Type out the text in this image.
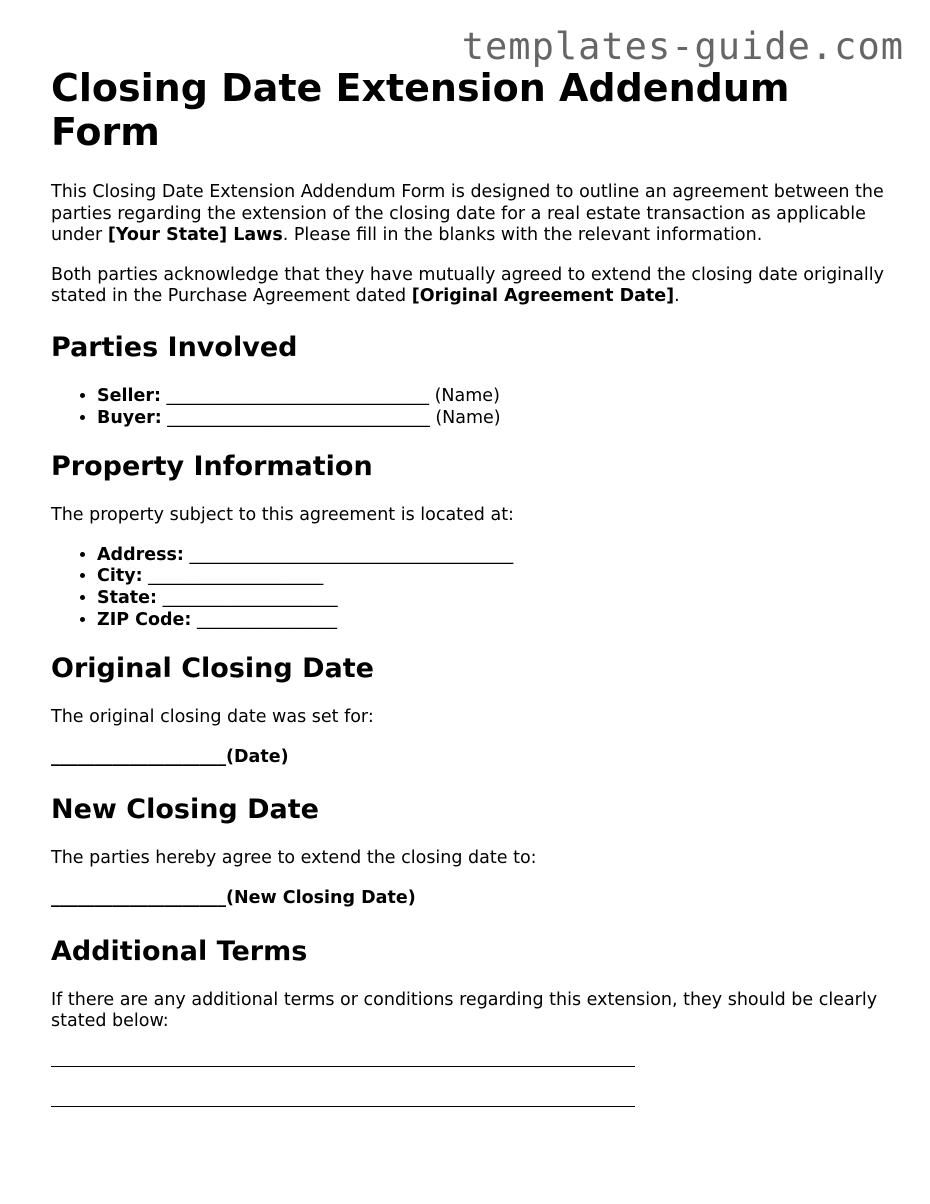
templates-guide.com
Closing Date Extension Addendum Form

This Closing Date Extension Addendum Form is designed to outline an agreement between the parties regarding the extension of the closing date for a real estate transaction as applicable under [Your State] Laws. Please fill in the blanks with the relevant information.

Both parties acknowledge that they have mutually agreed to extend the closing date originally stated in the Purchase Agreement dated [Original Agreement Date].

Parties Involved
• Seller: ______________________________ (Name)
• Buyer: ______________________________ (Name)
Property Information

The property subject to this agreement is located at:

• Address: _____________________________________
• City: ____________________
• State: ____________________
• ZIP Code: ________________
Original Closing Date

The original closing date was set for:

____________________(Date)
New Closing Date

The parties hereby agree to extend the closing date to:

____________________(New Closing Date)
Additional Terms

If there are any additional terms or conditions regarding this extension, they should be clearly stated below:
